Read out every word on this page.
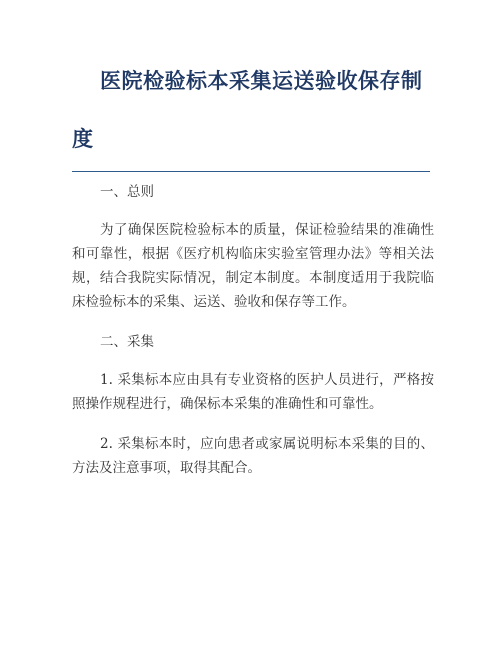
医院检验标本采集运送验收保存制度

一、总则

为了确保医院检验标本的质量，保证检验结果的准确性和可靠性，根据《医疗机构临床实验室管理办法》等相关法规，结合我院实际情况，制定本制度。本制度适用于我院临床检验标本的采集、运送、验收和保存等工作。

二、采集

1. 采集标本应由具有专业资格的医护人员进行，严格按照操作规程进行，确保标本采集的准确性和可靠性。

2. 采集标本时，应向患者或家属说明标本采集的目的、方法及注意事项，取得其配合。
